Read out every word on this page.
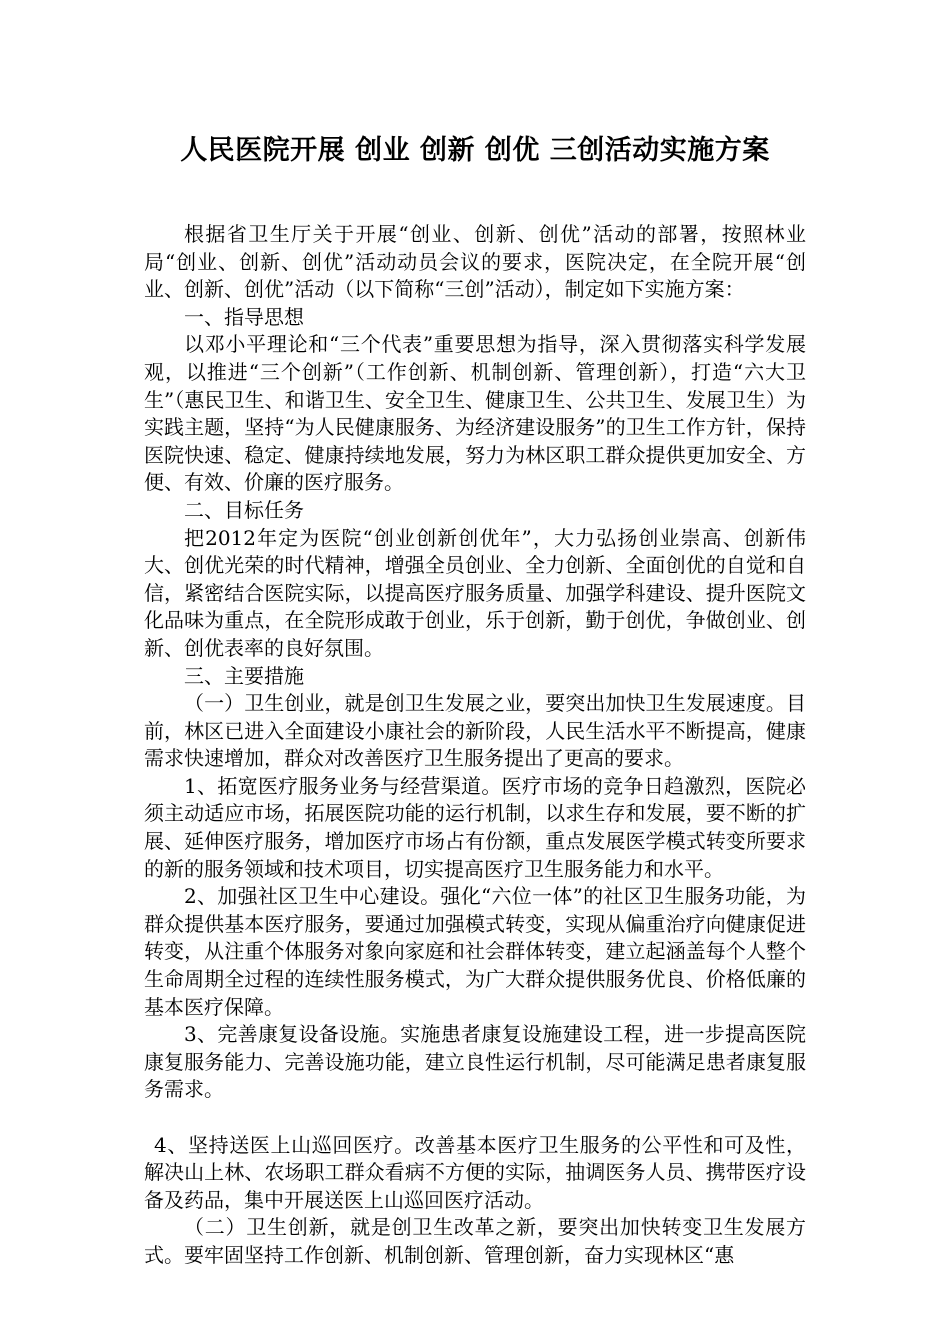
人民医院开展 创业 创新 创优 三创活动实施方案

根据省卫生厅关于开展“创业、创新、创优”活动的部署，按照林业局“创业、创新、创优”活动动员会议的要求，医院决定，在全院开展“创业、创新、创优”活动（以下简称“三创”活动），制定如下实施方案：

一、指导思想

以邓小平理论和“三个代表”重要思想为指导，深入贯彻落实科学发展观，以推进“三个创新”（工作创新、机制创新、管理创新），打造“六大卫生”（惠民卫生、和谐卫生、安全卫生、健康卫生、公共卫生、发展卫生）为实践主题，坚持“为人民健康服务、为经济建设服务”的卫生工作方针，保持医院快速、稳定、健康持续地发展，努力为林区职工群众提供更加安全、方便、有效、价廉的医疗服务。

二、目标任务

把2012年定为医院“创业创新创优年”，大力弘扬创业崇高、创新伟大、创优光荣的时代精神，增强全员创业、全力创新、全面创优的自觉和自信，紧密结合医院实际，以提高医疗服务质量、加强学科建设、提升医院文化品味为重点，在全院形成敢于创业，乐于创新，勤于创优，争做创业、创新、创优表率的良好氛围。

三、主要措施

（一）卫生创业，就是创卫生发展之业，要突出加快卫生发展速度。目前，林区已进入全面建设小康社会的新阶段，人民生活水平不断提高，健康需求快速增加，群众对改善医疗卫生服务提出了更高的要求。

1、拓宽医疗服务业务与经营渠道。医疗市场的竞争日趋激烈，医院必须主动适应市场，拓展医院功能的运行机制，以求生存和发展，要不断的扩展、延伸医疗服务，增加医疗市场占有份额，重点发展医学模式转变所要求的新的服务领域和技术项目，切实提高医疗卫生服务能力和水平。

2、加强社区卫生中心建设。强化“六位一体”的社区卫生服务功能，为群众提供基本医疗服务，要通过加强模式转变，实现从偏重治疗向健康促进转变，从注重个体服务对象向家庭和社会群体转变，建立起涵盖每个人整个生命周期全过程的连续性服务模式，为广大群众提供服务优良、价格低廉的基本医疗保障。

3、完善康复设备设施。实施患者康复设施建设工程，进一步提高医院康复服务能力、完善设施功能，建立良性运行机制，尽可能满足患者康复服务需求。

4、坚持送医上山巡回医疗。改善基本医疗卫生服务的公平性和可及性，解决山上林、农场职工群众看病不方便的实际，抽调医务人员、携带医疗设备及药品，集中开展送医上山巡回医疗活动。

（二）卫生创新，就是创卫生改革之新，要突出加快转变卫生发展方式。要牢固坚持工作创新、机制创新、管理创新，奋力实现林区“惠
